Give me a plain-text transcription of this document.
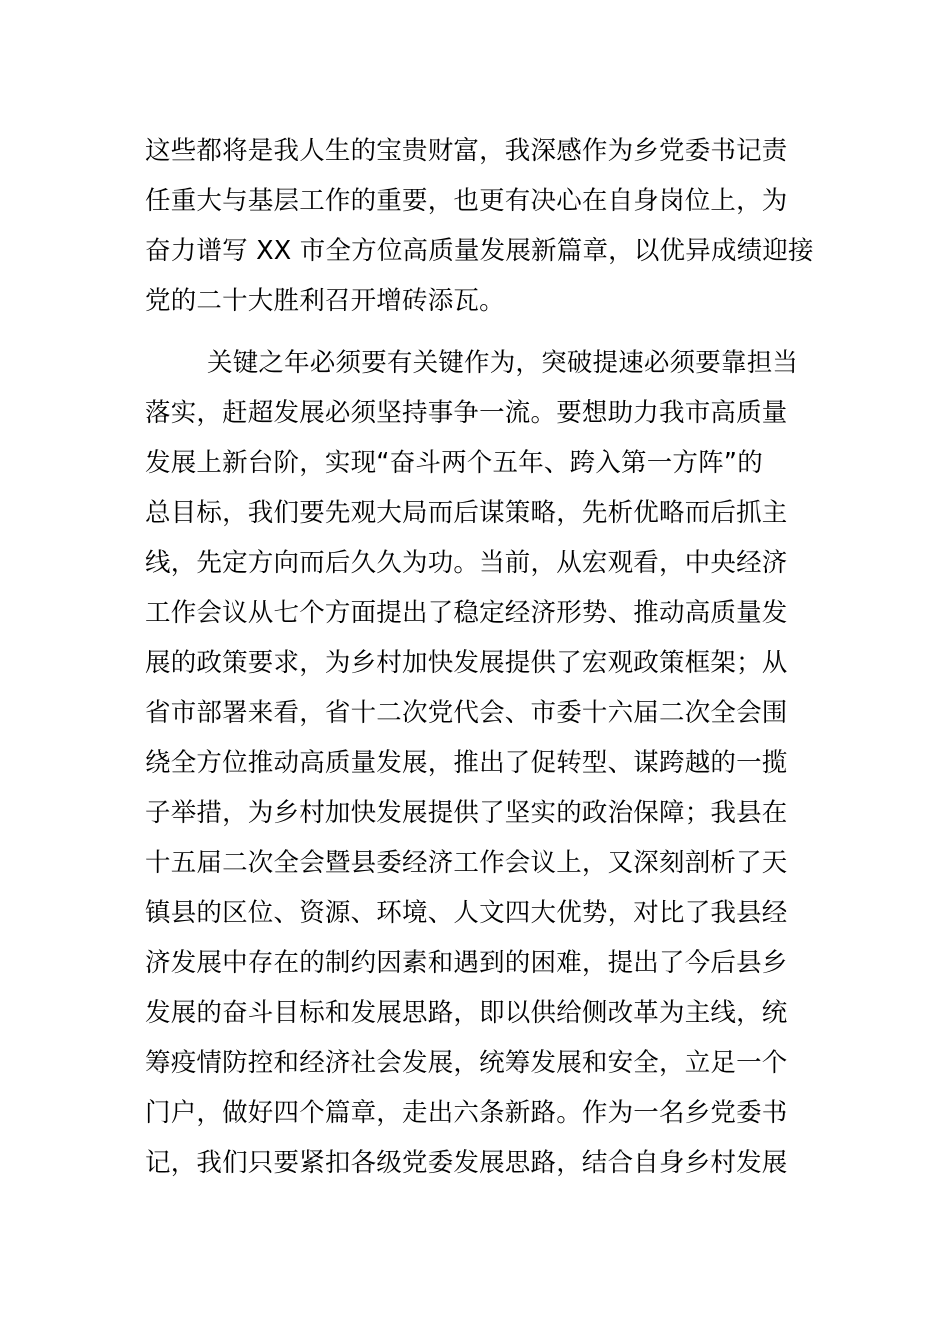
这些都将是我人生的宝贵财富，我深感作为乡党委书记责
任重大与基层工作的重要，也更有决心在自身岗位上，为
奋力谱写 XX 市全方位高质量发展新篇章，以优异成绩迎接
党的二十大胜利召开增砖添瓦。
关键之年必须要有关键作为，突破提速必须要靠担当
落实，赶超发展必须坚持事争一流。要想助力我市高质量
发展上新台阶，实现“奋斗两个五年、跨入第一方阵”的
总目标，我们要先观大局而后谋策略，先析优略而后抓主
线，先定方向而后久久为功。当前，从宏观看，中央经济
工作会议从七个方面提出了稳定经济形势、推动高质量发
展的政策要求，为乡村加快发展提供了宏观政策框架；从
省市部署来看，省十二次党代会、市委十六届二次全会围
绕全方位推动高质量发展，推出了促转型、谋跨越的一揽
子举措，为乡村加快发展提供了坚实的政治保障；我县在
十五届二次全会暨县委经济工作会议上，又深刻剖析了天
镇县的区位、资源、环境、人文四大优势，对比了我县经
济发展中存在的制约因素和遇到的困难，提出了今后县乡
发展的奋斗目标和发展思路，即以供给侧改革为主线，统
筹疫情防控和经济社会发展，统筹发展和安全，立足一个
门户，做好四个篇章，走出六条新路。作为一名乡党委书
记，我们只要紧扣各级党委发展思路，结合自身乡村发展
